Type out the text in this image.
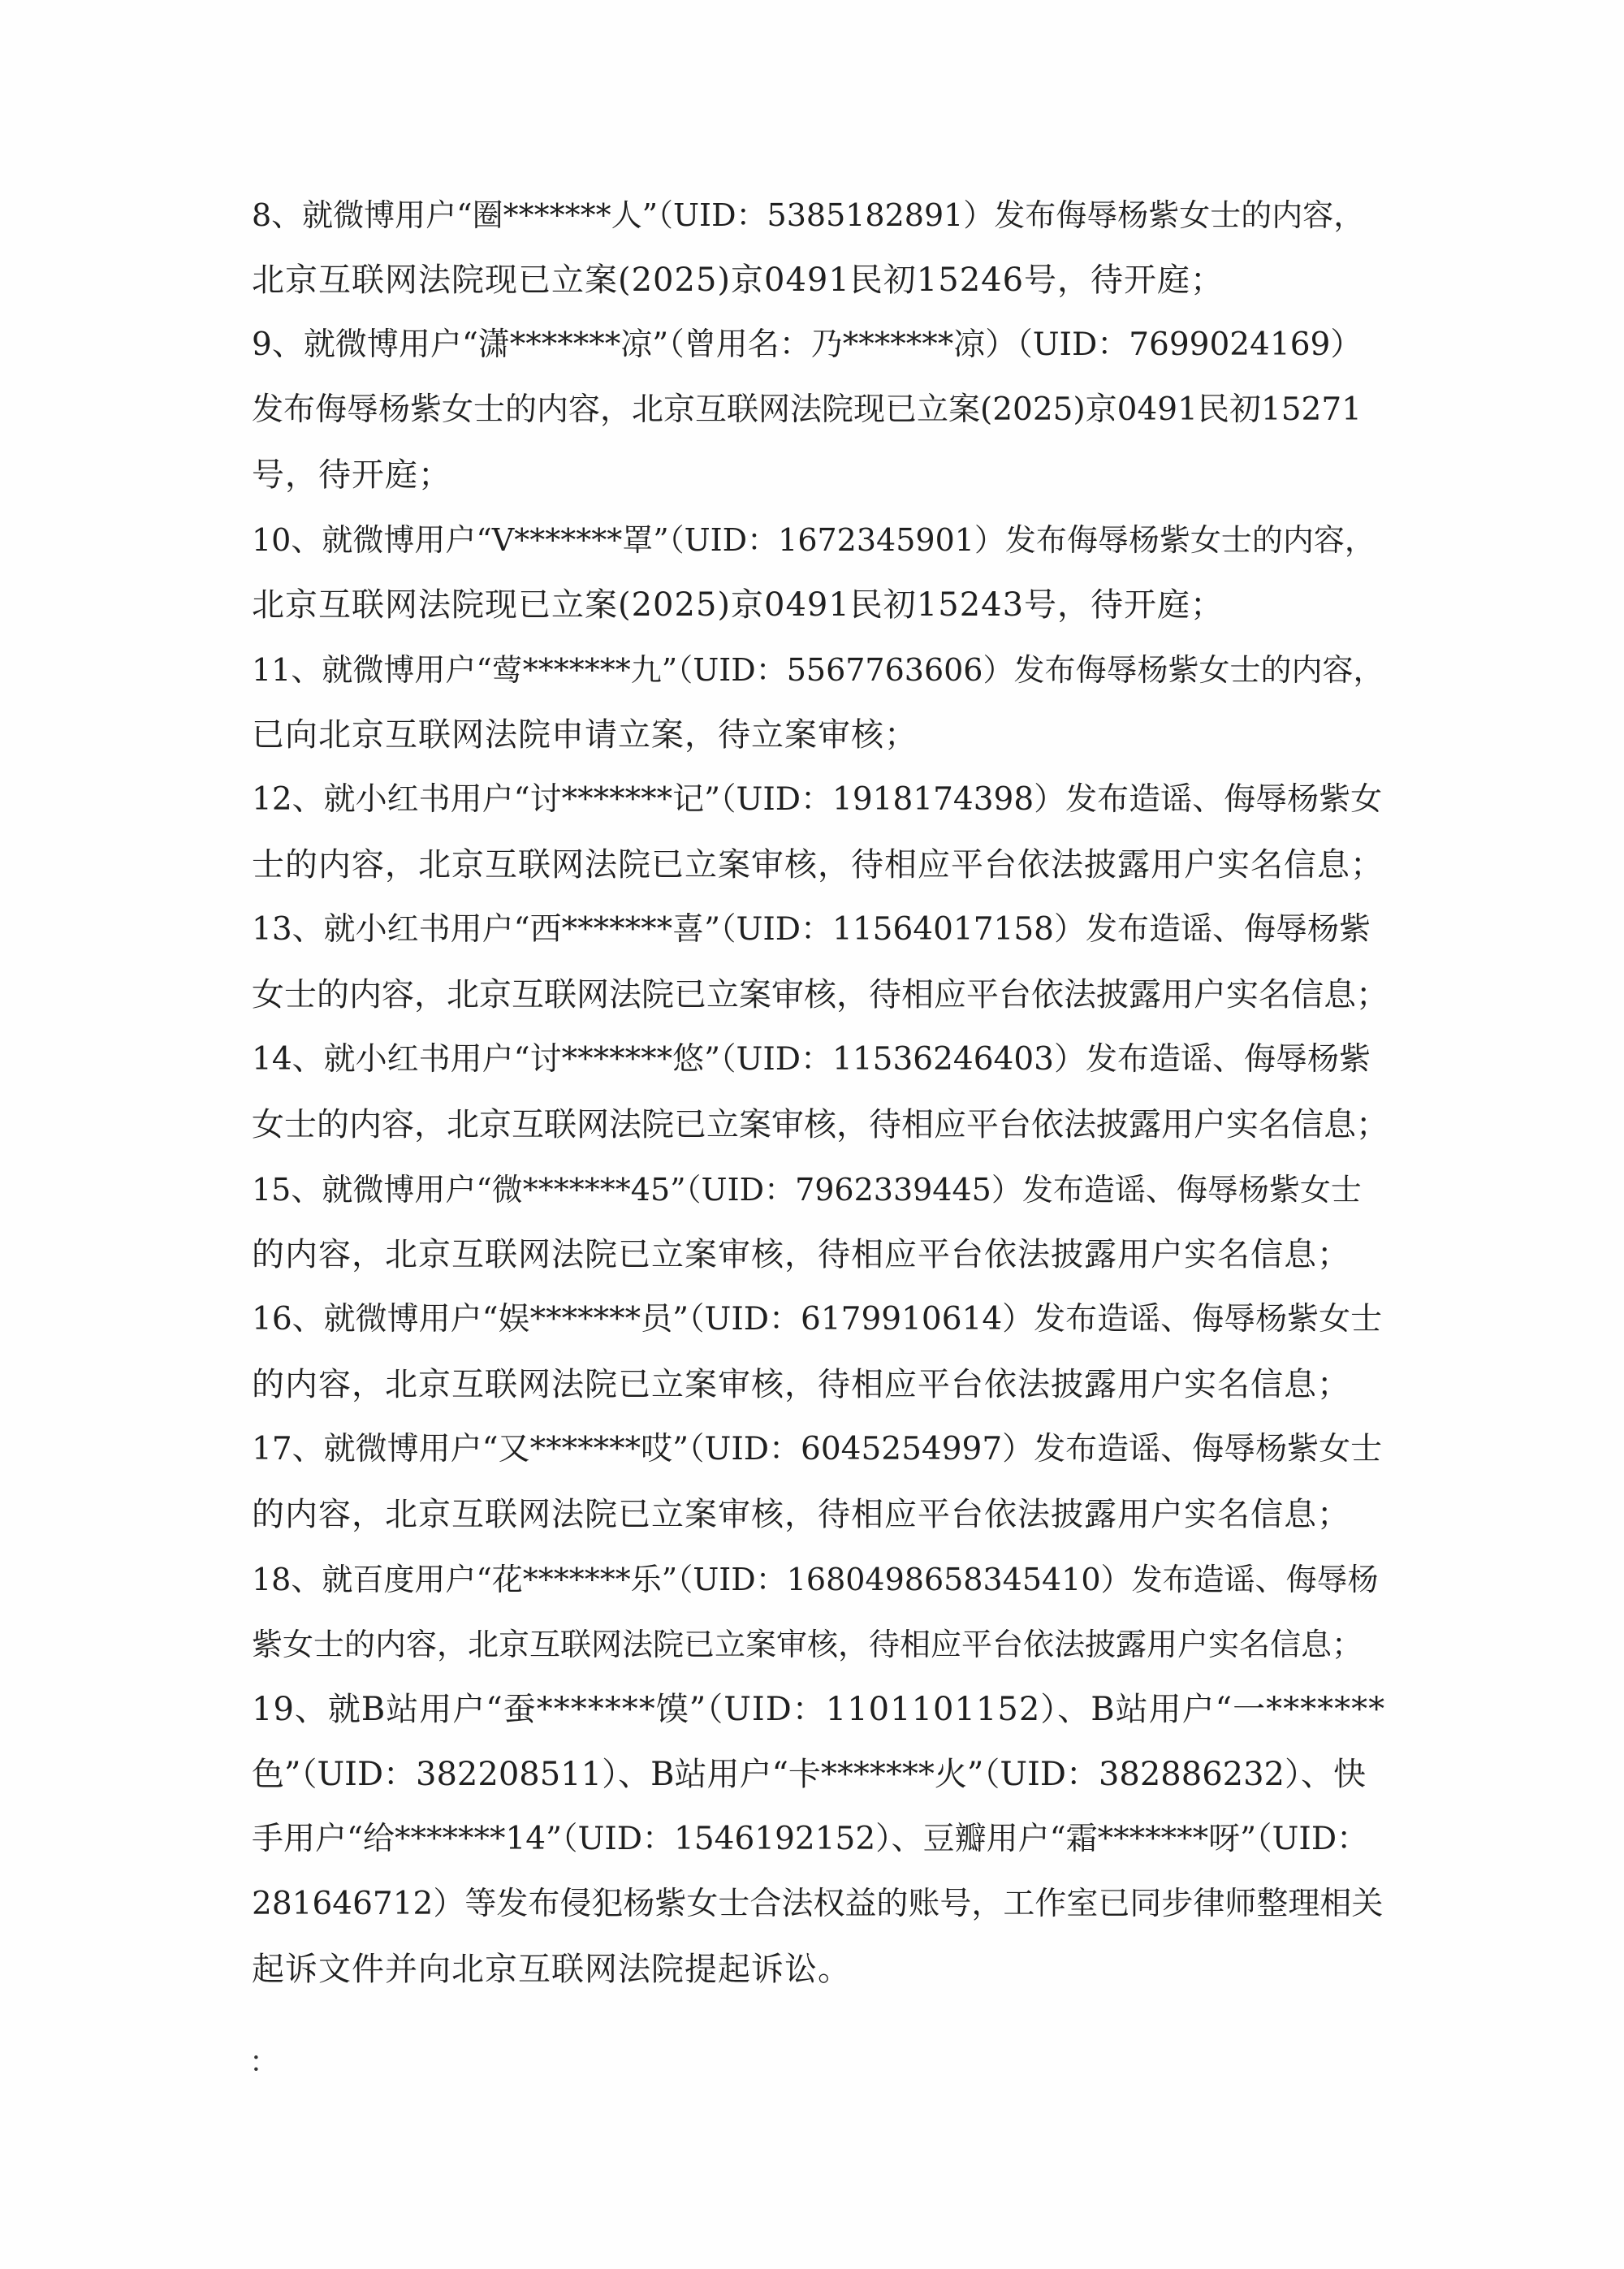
8、就微博用户“圈*******人”（UID：5385182891）发布侮辱杨紫女士的内容，
北京互联网法院现已立案(2025)京0491民初15246号，待开庭；
9、就微博用户“潇*******凉”（曾用名：乃*******凉）（UID：7699024169）
发布侮辱杨紫女士的内容，北京互联网法院现已立案(2025)京0491民初15271
号，待开庭；
10、就微博用户“V*******罩”（UID：1672345901）发布侮辱杨紫女士的内容，
北京互联网法院现已立案(2025)京0491民初15243号，待开庭；
11、就微博用户“莺*******九”（UID：5567763606）发布侮辱杨紫女士的内容，
已向北京互联网法院申请立案，待立案审核；
12、就小红书用户“讨*******记”（UID：1918174398）发布造谣、侮辱杨紫女
士的内容，北京互联网法院已立案审核，待相应平台依法披露用户实名信息；
13、就小红书用户“西*******喜”（UID：11564017158）发布造谣、侮辱杨紫
女士的内容，北京互联网法院已立案审核，待相应平台依法披露用户实名信息；
14、就小红书用户“讨*******悠”（UID：11536246403）发布造谣、侮辱杨紫
女士的内容，北京互联网法院已立案审核，待相应平台依法披露用户实名信息；
15、就微博用户“微*******45”（UID：7962339445）发布造谣、侮辱杨紫女士
的内容，北京互联网法院已立案审核，待相应平台依法披露用户实名信息；
16、就微博用户“娱*******员”（UID：6179910614）发布造谣、侮辱杨紫女士
的内容，北京互联网法院已立案审核，待相应平台依法披露用户实名信息；
17、就微博用户“又*******哎”（UID：6045254997）发布造谣、侮辱杨紫女士
的内容，北京互联网法院已立案审核，待相应平台依法披露用户实名信息；
18、就百度用户“花*******乐”（UID：1680498658345410）发布造谣、侮辱杨
紫女士的内容，北京互联网法院已立案审核，待相应平台依法披露用户实名信息；
19、就B站用户“蚕*******馍”（UID：1101101152）、B站用户“一*******
色”（UID：382208511）、B站用户“卡*******火”（UID：382886232）、快
手用户“给*******14”（UID：1546192152）、豆瓣用户“霜*******呀”（UID：
281646712）等发布侵犯杨紫女士合法权益的账号，工作室已同步律师整理相关
起诉文件并向北京互联网法院提起诉讼。
：
